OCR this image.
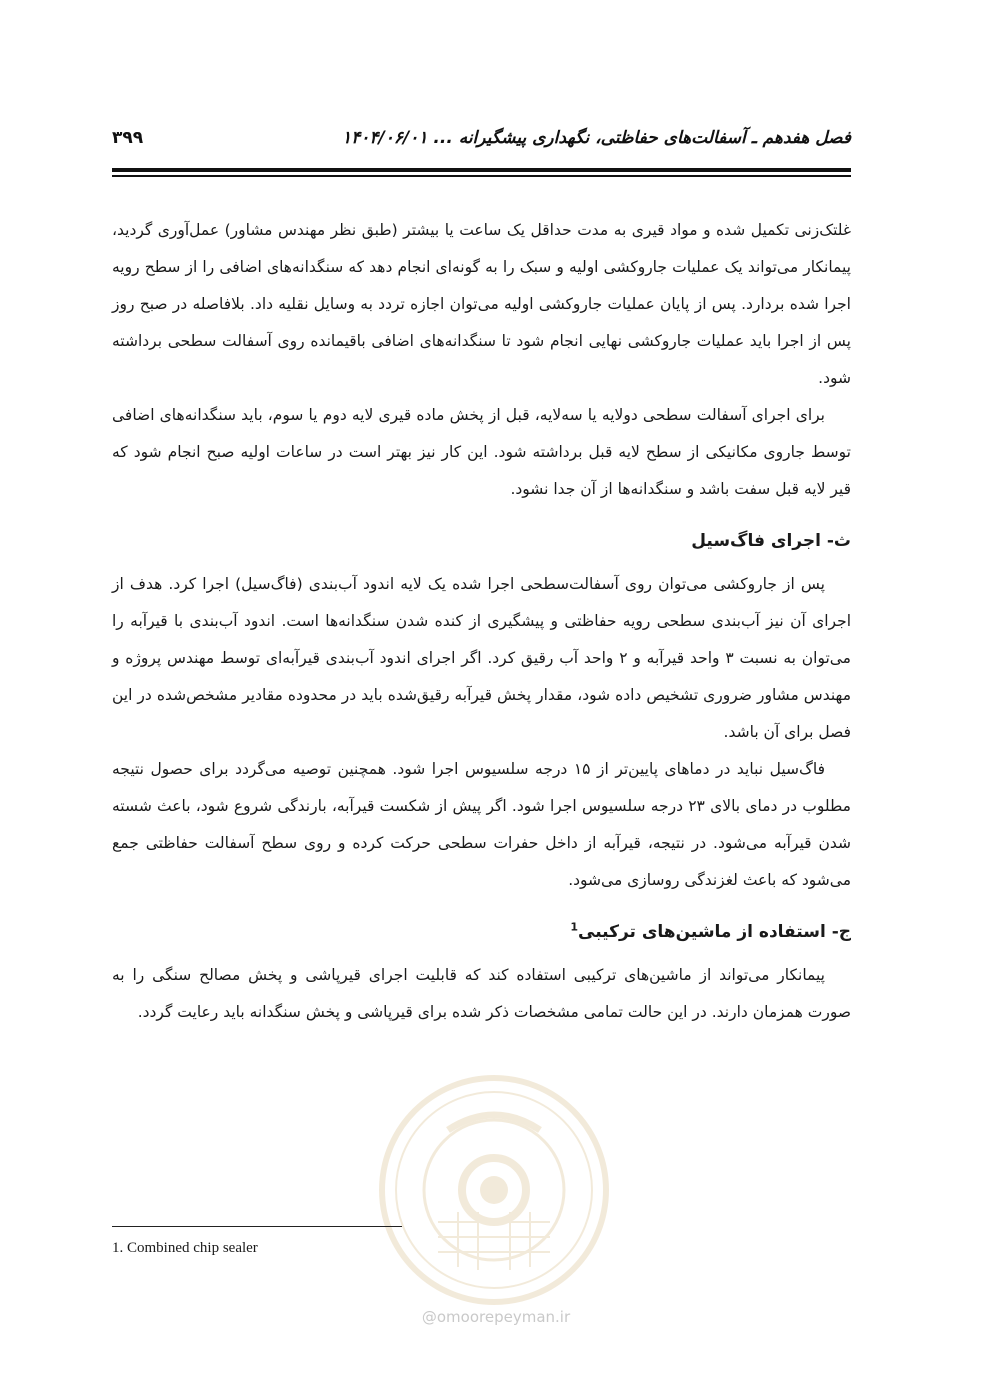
فصل هفدهم ـ آسفالت‌های حفاظتی، نگهداری پیشگیرانه ... ۱۴۰۴/۰۶/۰۱
۳۹۹

غلتک‌زنی تکمیل شده و مواد قیری به مدت حداقل یک ساعت یا بیشتر (طبق نظر مهندس مشاور) عمل‌آوری گردید، پیمانکار می‌تواند یک عملیات جاروکشی اولیه و سبک را به گونه‌ای انجام دهد که سنگدانه‌های اضافی را از سطح رویه اجرا شده بردارد. پس از پایان عملیات جاروکشی اولیه می‌توان اجازه تردد به وسایل نقلیه داد. بلافاصله در صبح روز پس از اجرا باید عملیات جاروکشی نهایی انجام شود تا سنگدانه‌های اضافی باقیمانده روی آسفالت سطحی برداشته شود.

برای اجرای آسفالت سطحی دولایه یا سه‌لایه، قبل از پخش ماده قیری لایه دوم یا سوم، باید سنگدانه‌های اضافی توسط جاروی مکانیکی از سطح لایه قبل برداشته شود. این کار نیز بهتر است در ساعات اولیه صبح انجام شود که قیر لایه قبل سفت باشد و سنگدانه‌ها از آن جدا نشود.

ث- اجرای فاگ‌سیل

پس از جاروکشی می‌توان روی آسفالت‌سطحی اجرا شده یک لایه اندود آب‌بندی (فاگ‌سیل) اجرا کرد. هدف از اجرای آن نیز آب‌بندی سطحی رویه حفاظتی و پیشگیری از کنده شدن سنگدانه‌ها است. اندود آب‌بندی با قیرآبه را می‌توان به نسبت ۳ واحد قیرآبه و ۲ واحد آب رقیق کرد. اگر اجرای اندود آب‌بندی قیرآبه‌ای توسط مهندس پروژه و مهندس مشاور ضروری تشخیص داده شود، مقدار پخش قیرآبه رقیق‌شده باید در محدوده مقادیر مشخص‌شده در این فصل برای آن باشد.

فاگ‌سیل نباید در دماهای پایین‌تر از ۱۵ درجه سلسیوس اجرا شود. همچنین توصیه می‌گردد برای حصول نتیجه مطلوب در دمای بالای ۲۳ درجه سلسیوس اجرا شود. اگر پیش از شکست قیرآبه، بارندگی شروع شود، باعث شسته شدن قیرآبه می‌شود. در نتیجه، قیرآبه از داخل حفرات سطحی حرکت کرده و روی سطح آسفالت حفاظتی جمع می‌شود که باعث لغزندگی روسازی می‌شود.

ج- استفاده از ماشین‌های ترکیبی$^1$

پیمانکار می‌تواند از ماشین‌های ترکیبی استفاده کند که قابلیت اجرای قیرپاشی و پخش مصالح سنگی را به صورت همزمان دارند. در این حالت تمامی مشخصات ذکر شده برای قیرپاشی و پخش سنگدانه باید رعایت گردد.

@omoorepeyman.ir
1. Combined chip sealer
